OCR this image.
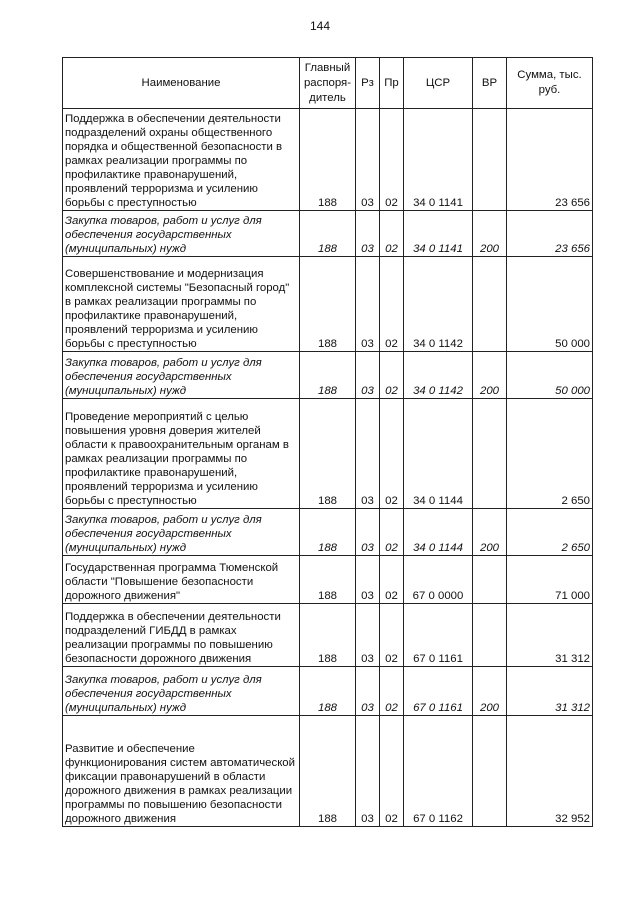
144
Наименование	Главный распоря-дитель	Рз	Пр	ЦСР	ВР	Сумма, тыс. руб.
Поддержка в обеспечении деятельности подразделений охраны общественного порядка и общественной безопасности в рамках реализации программы по профилактике правонарушений, проявлений терроризма и усилению борьбы с преступностью	188	03	02	34 0 1141		23 656
Закупка товаров, работ и услуг для обеспечения государственных (муниципальных) нужд	188	03	02	34 0 1141	200	23 656
Совершенствование и модернизация комплексной системы "Безопасный город" в рамках реализации программы по профилактике правонарушений, проявлений терроризма и усилению борьбы с преступностью	188	03	02	34 0 1142		50 000
Закупка товаров, работ и услуг для обеспечения государственных (муниципальных) нужд	188	03	02	34 0 1142	200	50 000
Проведение мероприятий с целью повышения уровня доверия жителей области к правоохранительным органам в рамках реализации программы по профилактике правонарушений, проявлений терроризма и усилению борьбы с преступностью	188	03	02	34 0 1144		2 650
Закупка товаров, работ и услуг для обеспечения государственных (муниципальных) нужд	188	03	02	34 0 1144	200	2 650
Государственная программа Тюменской области "Повышение безопасности дорожного движения"	188	03	02	67 0 0000		71 000
Поддержка в обеспечении деятельности подразделений ГИБДД в рамках реализации программы по повышению безопасности дорожного движения	188	03	02	67 0 1161		31 312
Закупка товаров, работ и услуг для обеспечения государственных (муниципальных) нужд	188	03	02	67 0 1161	200	31 312
Развитие и обеспечение функционирования систем автоматической фиксации правонарушений в области дорожного движения в рамках реализации программы по повышению безопасности дорожного движения	188	03	02	67 0 1162		32 952
